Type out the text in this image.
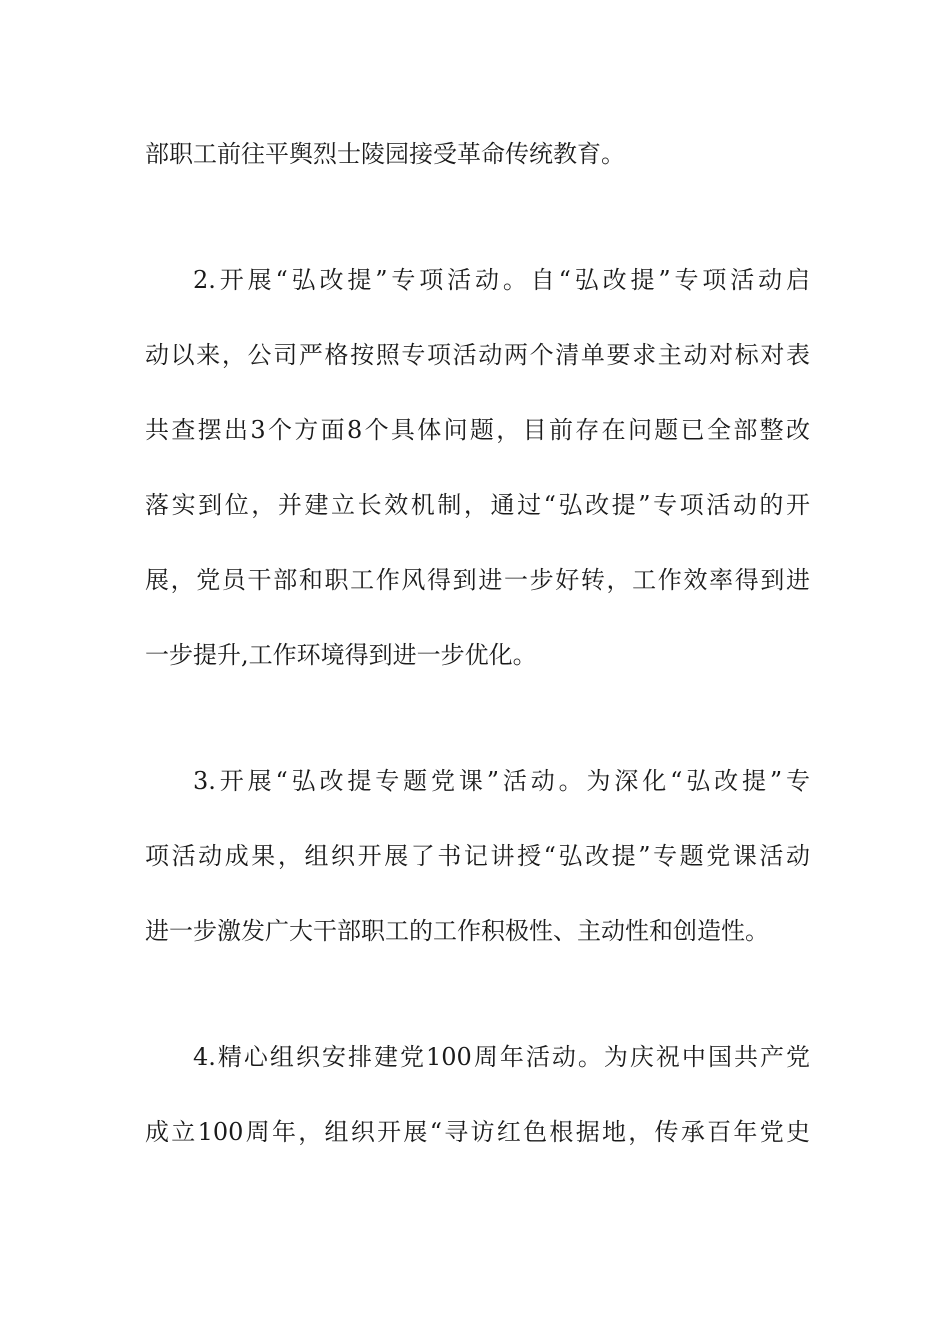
部职工前往平舆烈士陵园接受革命传统教育。
2.开展“弘改提”专项活动。自“弘改提”专项活动启
动以来，公司严格按照专项活动两个清单要求主动对标对表
共查摆出3个方面8个具体问题，目前存在问题已全部整改
落实到位，并建立长效机制，通过“弘改提”专项活动的开
展，党员干部和职工作风得到进一步好转，工作效率得到进
一步提升,工作环境得到进一步优化。
3.开展“弘改提专题党课”活动。为深化“弘改提”专
项活动成果，组织开展了书记讲授“弘改提”专题党课活动
进一步激发广大干部职工的工作积极性、主动性和创造性。
4.精心组织安排建党100周年活动。为庆祝中国共产党
成立100周年，组织开展“寻访红色根据地，传承百年党史
